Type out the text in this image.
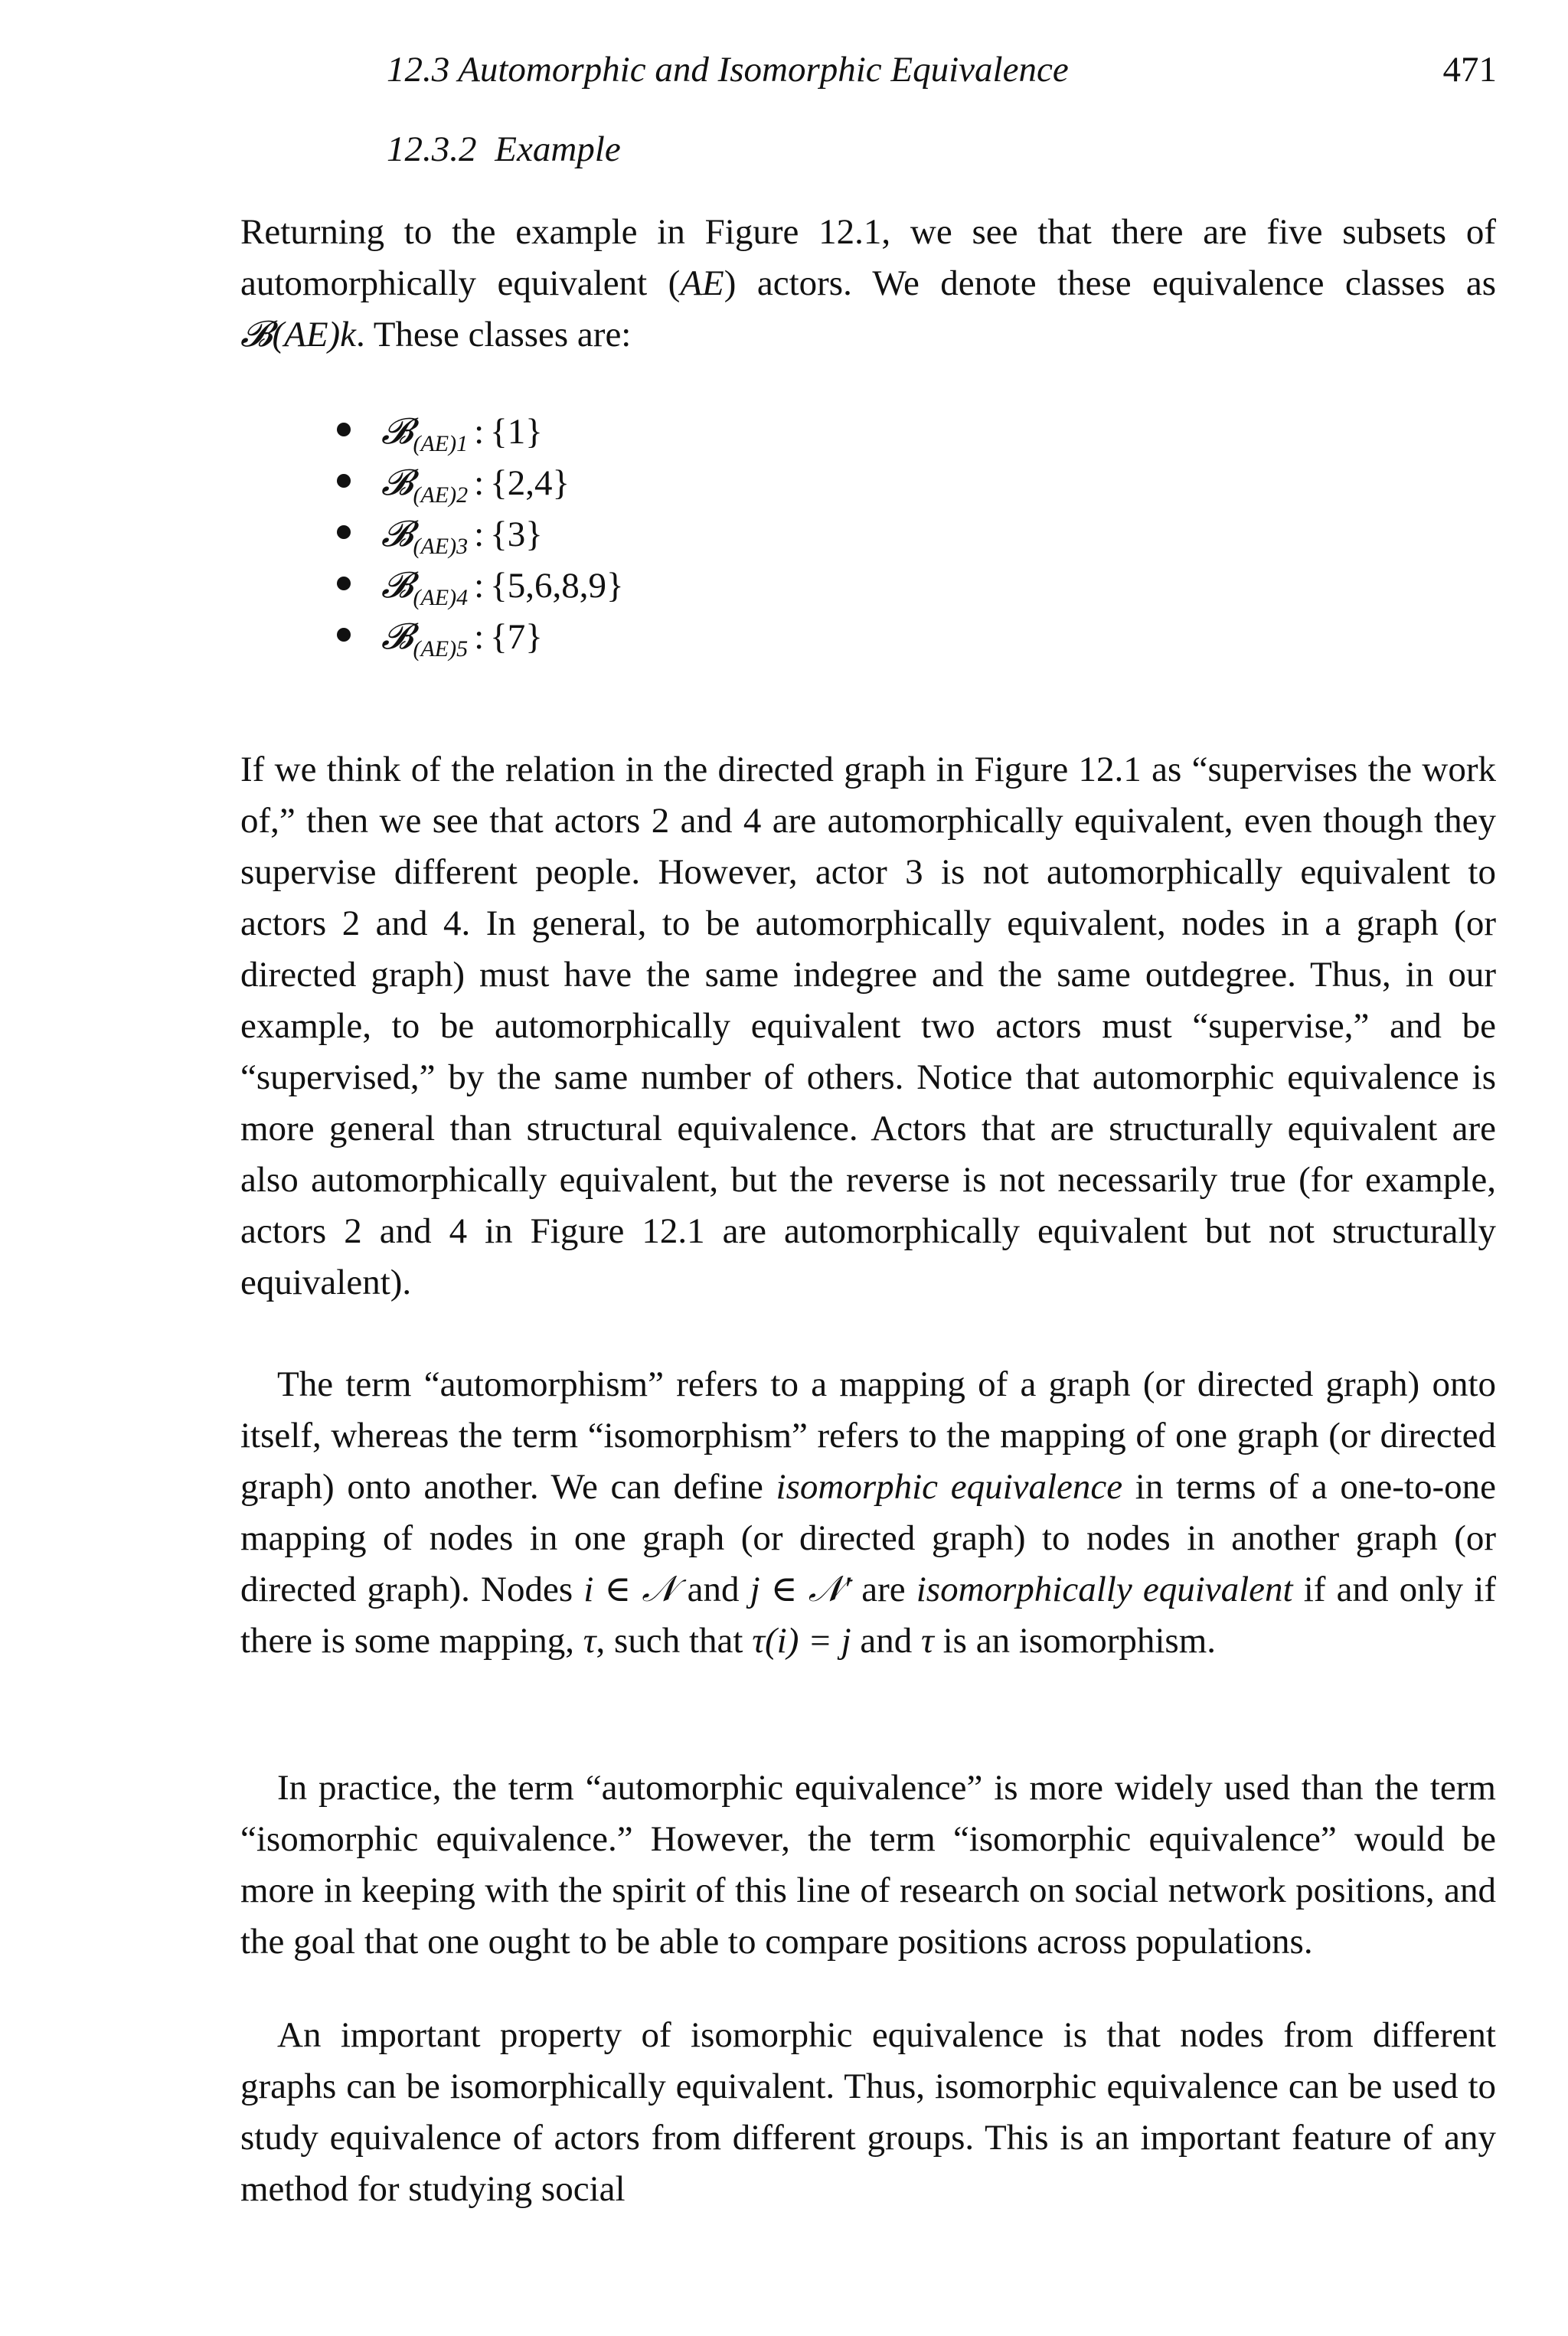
12.3 Automorphic and Isomorphic Equivalence	471
12.3.2 Example

Returning to the example in Figure 12.1, we see that there are five subsets of automorphically equivalent (AE) actors. We denote these equivalence classes as 𝓑(AE)k. These classes are:

𝓑$_{(AE)1}$ : {1}
𝓑$_{(AE)2}$ : {2,4}
𝓑$_{(AE)3}$ : {3}
𝓑$_{(AE)4}$ : {5,6,8,9}
𝓑$_{(AE)5}$ : {7}

If we think of the relation in the directed graph in Figure 12.1 as “supervises the work of,” then we see that actors 2 and 4 are automorphically equivalent, even though they supervise different people. However, actor 3 is not automorphically equivalent to actors 2 and 4. In general, to be automorphically equivalent, nodes in a graph (or directed graph) must have the same indegree and the same outdegree. Thus, in our example, to be automorphically equivalent two actors must “supervise,” and be “supervised,” by the same number of others. Notice that automorphic equivalence is more general than structural equivalence. Actors that are structurally equivalent are also automorphically equivalent, but the reverse is not necessarily true (for example, actors 2 and 4 in Figure 12.1 are automorphically equivalent but not structurally equivalent).

The term “automorphism” refers to a mapping of a graph (or directed graph) onto itself, whereas the term “isomorphism” refers to the mapping of one graph (or directed graph) onto another. We can define isomorphic equivalence in terms of a one-to-one mapping of nodes in one graph (or directed graph) to nodes in another graph (or directed graph). Nodes i ∈ 𝒩 and j ∈ 𝒩′ are isomorphically equivalent if and only if there is some mapping, τ, such that τ(i) = j and τ is an isomorphism.

In practice, the term “automorphic equivalence” is more widely used than the term “isomorphic equivalence.” However, the term “isomorphic equivalence” would be more in keeping with the spirit of this line of research on social network positions, and the goal that one ought to be able to compare positions across populations.

An important property of isomorphic equivalence is that nodes from different graphs can be isomorphically equivalent. Thus, isomorphic equivalence can be used to study equivalence of actors from different groups. This is an important feature of any method for studying social
